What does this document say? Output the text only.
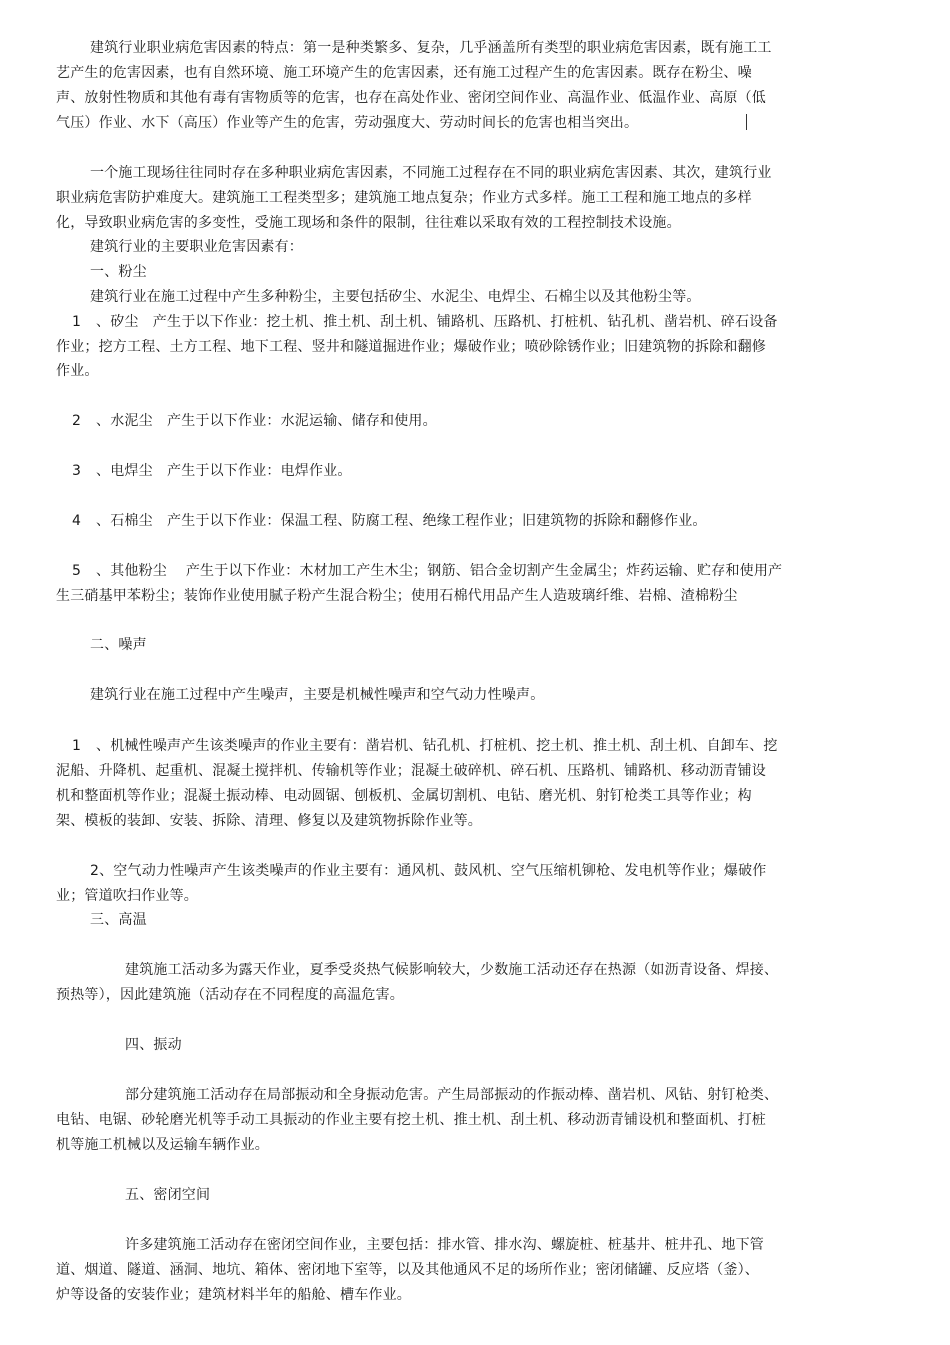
建筑行业职业病危害因素的特点：第一是种类繁多、复杂，几乎涵盖所有类型的职业病危害因素，既有施工工
艺产生的危害因素，也有自然环境、施工环境产生的危害因素，还有施工过程产生的危害因素。既存在粉尘、噪
声、放射性物质和其他有毒有害物质等的危害，也存在高处作业、密闭空间作业、高温作业、低温作业、高原（低
气压）作业、水下（高压）作业等产生的危害，劳动强度大、劳动时间长的危害也相当突出。
一个施工现场往往同时存在多种职业病危害因素，不同施工过程存在不同的职业病危害因素、其次，建筑行业
职业病危害防护难度大。建筑施工工程类型多；建筑施工地点复杂；作业方式多样。施工工程和施工地点的多样
化，导致职业病危害的多变性，受施工现场和条件的限制，往往难以采取有效的工程控制技术设施。
建筑行业的主要职业危害因素有：
一、粉尘
建筑行业在施工过程中产生多种粉尘，主要包括矽尘、水泥尘、电焊尘、石棉尘以及其他粉尘等。
1 、矽尘　产生于以下作业：挖土机、推土机、刮土机、铺路机、压路机、打桩机、钻孔机、凿岩机、碎石设备
作业；挖方工程、土方工程、地下工程、竖井和隧道掘进作业；爆破作业；喷砂除锈作业；旧建筑物的拆除和翻修
作业。
2 、水泥尘　产生于以下作业：水泥运输、储存和使用。
3 、电焊尘　产生于以下作业：电焊作业。
4 、石棉尘　产生于以下作业：保温工程、防腐工程、绝缘工程作业；旧建筑物的拆除和翻修作业。
5 、其他粉尘　 产生于以下作业：木材加工产生木尘；钢筋、铝合金切割产生金属尘；炸药运输、贮存和使用产
生三硝基甲苯粉尘；装饰作业使用腻子粉产生混合粉尘；使用石棉代用品产生人造玻璃纤维、岩棉、渣棉粉尘
二、噪声
建筑行业在施工过程中产生噪声，主要是机械性噪声和空气动力性噪声。
1 、机械性噪声产生该类噪声的作业主要有：凿岩机、钻孔机、打桩机、挖土机、推土机、刮土机、自卸车、挖
泥船、升降机、起重机、混凝土搅拌机、传输机等作业；混凝土破碎机、碎石机、压路机、铺路机、移动沥青铺设
机和整面机等作业；混凝土振动棒、电动圆锯、刨板机、金属切割机、电钻、磨光机、射钉枪类工具等作业；构
架、模板的装卸、安装、拆除、清理、修复以及建筑物拆除作业等。
2、空气动力性噪声产生该类噪声的作业主要有：通风机、鼓风机、空气压缩机铆枪、发电机等作业；爆破作
业；管道吹扫作业等。
三、高温
建筑施工活动多为露天作业，夏季受炎热气候影响较大，少数施工活动还存在热源（如沥青设备、焊接、
预热等），因此建筑施（活动存在不同程度的高温危害。
四、振动
部分建筑施工活动存在局部振动和全身振动危害。产生局部振动的作振动棒、凿岩机、风钻、射钉枪类、
电钻、电锯、砂轮磨光机等手动工具振动的作业主要有挖土机、推土机、刮土机、移动沥青铺设机和整面机、打桩
机等施工机械以及运输车辆作业。
五、密闭空间
许多建筑施工活动存在密闭空间作业，主要包括：排水管、排水沟、螺旋桩、桩基井、桩井孔、地下管
道、烟道、隧道、涵洞、地坑、箱体、密闭地下室等，以及其他通风不足的场所作业；密闭储罐、反应塔（釜）、
炉等设备的安装作业；建筑材料半年的船舱、槽车作业。
